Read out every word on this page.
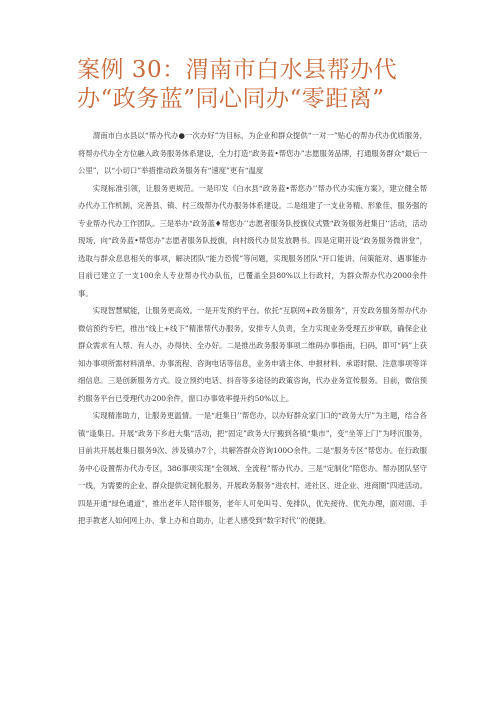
案例 30：渭南市白水县帮办代办“政务蓝”同心同办“零距离”

渭南市白水县以“帮办代办●一次办好”为目标，为企业和群众提供“一对一”贴心的帮办代办优质服务，将帮办代办全方位融入政务服务体系建设，全力打造“政务蓝•帮您办”志愿服务品牌，打通服务群众“最后一公里”，以“小切口”举措推动政务服务有“速度”更有“温度

实现标准引领，让服务更规范。一是印发《白水县“政务蓝•帮您办’’帮办代办实施方案》，建立健全帮办代办工作机制，完善县、镇、村三级帮办代办服务体系建设。二是组建了一支业务精、形象佳、服务强的专业帮办代办工作团队。三是举办“政务蓝♦帮您办’’志愿者服务队授旗仪式暨“政务服务赶集日’’活动，活动现场，向“政务蓝•帮您办”志愿者服务队授旗，向村级代办员发放聘书。四是定期开设“政务服务微讲堂”，选取与群众息息相关的事项，解决团队“能力恐慌”等问题，实现服务团队“开口能讲、问策能对、遇事能办目前已建立了一支100余人专业帮办代办队伍，已覆盖全县80%以上行政村，为群众帮办代办2000余件事。

实现智慧赋能，让服务更高效。一是开发预约平台。依托“互联网+政务服务”，开发政务服务帮办代办微信预约专栏，推出“线上+线下”精准帮代办服务，安排专人负责，全力实现业务受理五步审联，确保企业群众需求有人帮、有人办，办得快、全办好。二是推出政务服务事项二维码办事指南，扫码，即可“码”上获知办事项所需材料清单、办事流程、咨询电话等信息，业务申请主体、申报材料、承诺时限、注意事项等详细信息。三是创新服务方式。设立预约电话、抖音等多途径的政策咨询，代办业务宣传服务。目前，微信预约服务平台已受理代办200余件，窗口办事效率提升约50%以上。

实现精准助力，让服务更温情。一是“赶集日’’帮您办，以办好群众家门口的“政务大厅”为主题，结合各镇“逢集日。开展“政务下乡赶大集”活动，把“固定”政务大厅搬到各镇“集市”，变“坐等上门”为呼沉服务，目前共开展赶集日服务9次、涉及镇办7个，共解答群众咨询100O余件。二是“服务专区”帮您办。在行政服务中心设置帮办代办专区，386事项实现“全领域、全流程”帮办代办。三是“定制化”陪您办。帮办团队坚守一线，为需要的企业、群众提供定制化服务，开展政务服务“进农村、进社区、进企业、进商圈”四进活动。四是开通“绿色通道”，推出老年人陪伴服务，老年人可免叫号、免排队，优先接待、优先办理，面对面、手把手教老人如何网上办、掌上办和自助办，让老人感受到“数字时代’’的便捷。
